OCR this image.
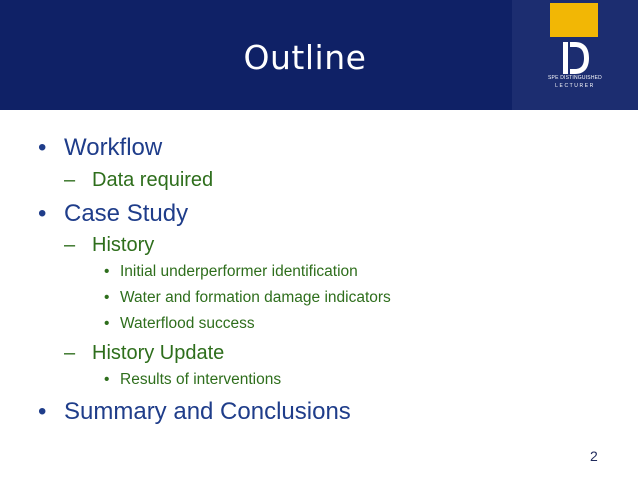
Outline
SPE DISTINGUISHED
LECTURER
• Workflow
– Data required
• Case Study
– History
• Initial underperformer identification
• Water and formation damage indicators
• Waterflood success
– History Update
• Results of interventions
• Summary and Conclusions
2
